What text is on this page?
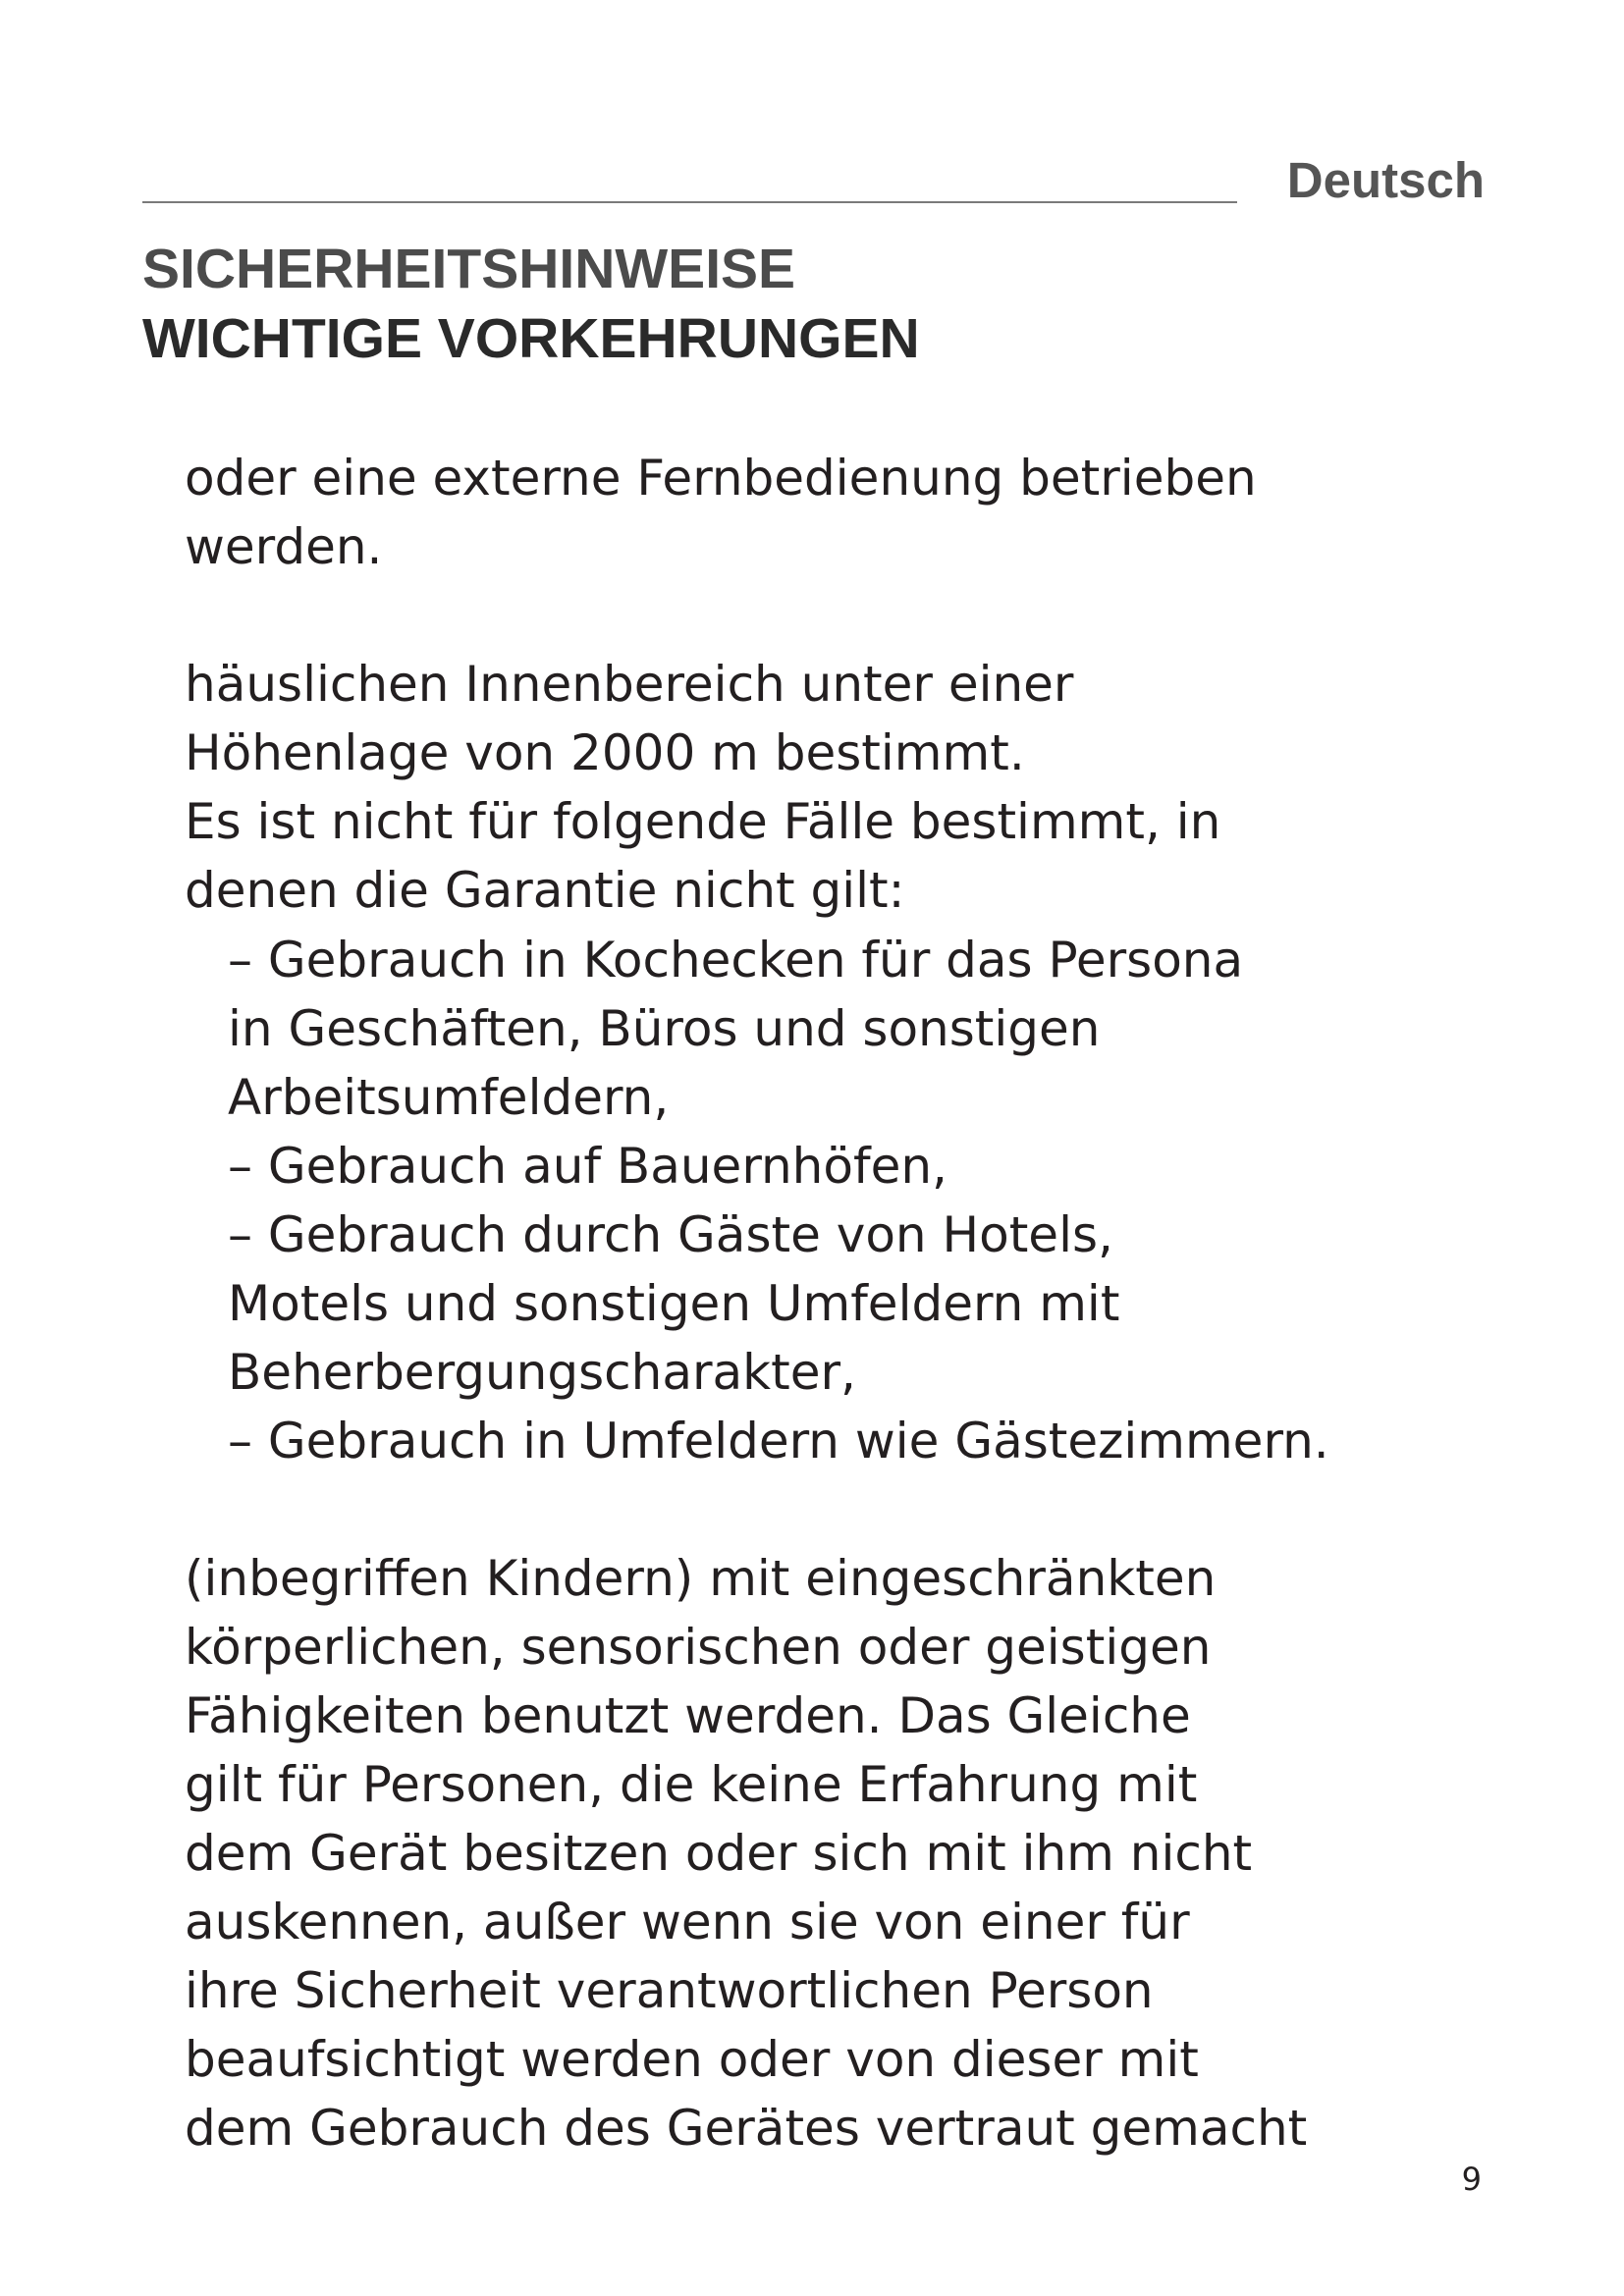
Deutsch
SICHERHEITSHINWEISE
WICHTIGE VORKEHRUNGEN
oder eine externe Fernbedienung betrieben
werden.
häuslichen Innenbereich unter einer
Höhenlage von 2000 m bestimmt.
Es ist nicht für folgende Fälle bestimmt, in
denen die Garantie nicht gilt:
– Gebrauch in Kochecken für das Persona
in Geschäften, Büros und sonstigen
Arbeitsumfeldern,
– Gebrauch auf Bauernhöfen,
– Gebrauch durch Gäste von Hotels,
Motels und sonstigen Umfeldern mit
Beherbergungscharakter,
– Gebrauch in Umfeldern wie Gästezimmern.
(inbegriffen Kindern) mit eingeschränkten
körperlichen, sensorischen oder geistigen
Fähigkeiten benutzt werden. Das Gleiche
gilt für Personen, die keine Erfahrung mit
dem Gerät besitzen oder sich mit ihm nicht
auskennen, außer wenn sie von einer für
ihre Sicherheit verantwortlichen Person
beaufsichtigt werden oder von dieser mit
dem Gebrauch des Gerätes vertraut gemacht
9
